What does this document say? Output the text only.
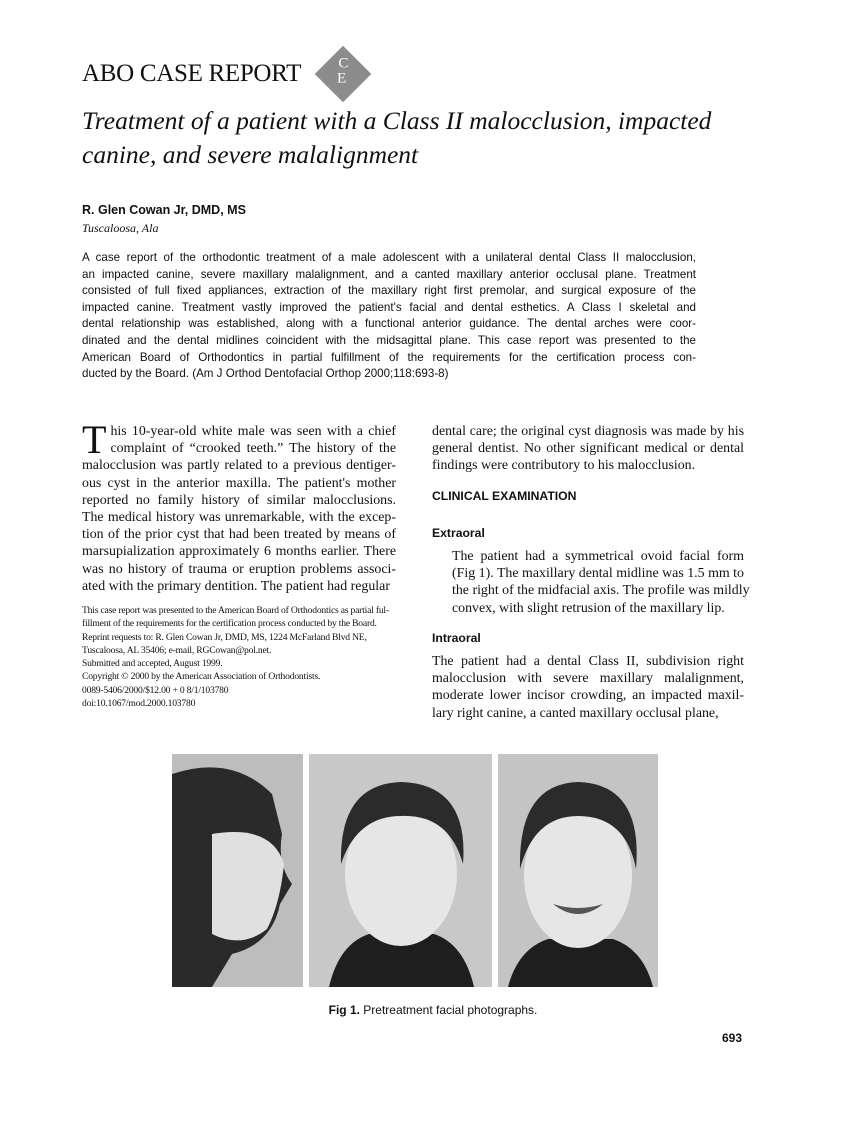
ABO CASE REPORT C
E
Treatment of a patient with a Class II malocclusion, impacted canine, and severe malalignment
R. Glen Cowan Jr, DMD, MS
Tuscaloosa, Ala
A case report of the orthodontic treatment of a male adolescent with a unilateral dental Class II malocclusion,
an impacted canine, severe maxillary malalignment, and a canted maxillary anterior occlusal plane. Treatment
consisted of full fixed appliances, extraction of the maxillary right first premolar, and surgical exposure of the
impacted canine. Treatment vastly improved the patient's facial and dental esthetics. A Class I skeletal and
dental relationship was established, along with a functional anterior guidance. The dental arches were coor-
dinated and the dental midlines coincident with the midsagittal plane. This case report was presented to the
American Board of Orthodontics in partial fulfillment of the requirements for the certification process con-
ducted by the Board. (Am J Orthod Dentofacial Orthop 2000;118:693-8)
T his 10-year-old white male was seen with a chief
complaint of “crooked teeth.” The history of the
malocclusion was partly related to a previous dentiger-
ous cyst in the anterior maxilla. The patient's mother
reported no family history of similar malocclusions.
The medical history was unremarkable, with the excep-
tion of the prior cyst that had been treated by means of
marsupialization approximately 6 months earlier. There
was no history of trauma or eruption problems associ-
ated with the primary dentition. The patient had regular
This case report was presented to the American Board of Orthodontics as partial ful-
fillment of the requirements for the certification process conducted by the Board.
Reprint requests to: R. Glen Cowan Jr, DMD, MS, 1224 McFarland Blvd NE,
Tuscaloosa, AL 35406; e-mail, RGCowan@pol.net.
Submitted and accepted, August 1999.
Copyright © 2000 by the American Association of Orthodontists.
0089-5406/2000/$12.00 + 0 8/1/103780
doi:10.1067/mod.2000.103780
dental care; the original cyst diagnosis was made by his
general dentist. No other significant medical or dental
findings were contributory to his malocclusion.
CLINICAL EXAMINATION
Extraoral
The patient had a symmetrical ovoid facial form
(Fig 1). The maxillary dental midline was 1.5 mm to
the right of the midfacial axis. The profile was mildly
convex, with slight retrusion of the maxillary lip.
Intraoral
The patient had a dental Class II, subdivision right
malocclusion with severe maxillary malalignment,
moderate lower incisor crowding, an impacted maxil-
lary right canine, a canted maxillary occlusal plane,
Fig 1. Pretreatment facial photographs.
693
